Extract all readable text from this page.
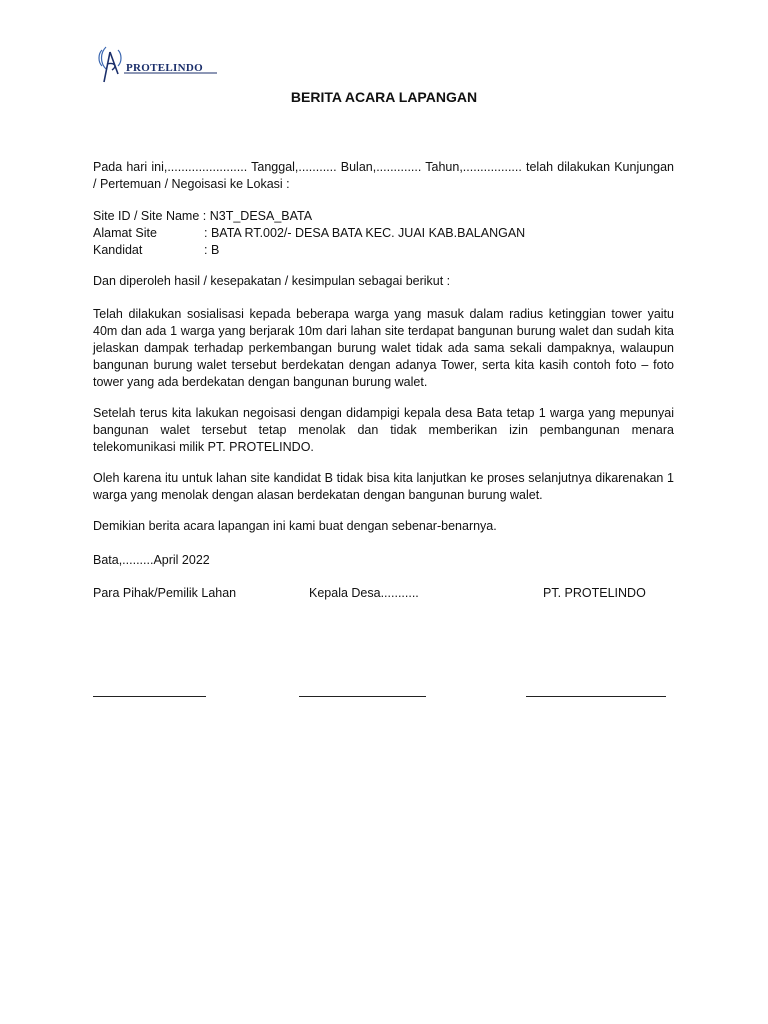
PROTELINDO
BERITA ACARA LAPANGAN
Pada hari ini,....................... Tanggal,........... Bulan,............. Tahun,................. telah dilakukan Kunjungan / Pertemuan / Negoisasi ke Lokasi :
Site ID / Site Name : N3T_DESA_BATA
Alamat Site	: BATA RT.002/- DESA BATA KEC. JUAI KAB.BALANGAN
Kandidat	: B
Dan diperoleh hasil / kesepakatan / kesimpulan sebagai berikut :
Telah dilakukan sosialisasi kepada beberapa warga yang masuk dalam radius ketinggian tower yaitu 40m dan ada 1 warga yang berjarak 10m dari lahan site terdapat bangunan burung walet dan sudah kita jelaskan dampak terhadap perkembangan burung walet tidak ada sama sekali dampaknya, walaupun bangunan burung walet tersebut berdekatan dengan adanya Tower, serta kita kasih contoh foto – foto tower yang ada berdekatan dengan bangunan burung walet.
Setelah terus kita lakukan negoisasi dengan didampigi kepala desa Bata tetap 1 warga yang mepunyai bangunan walet tersebut tetap menolak dan tidak memberikan izin pembangunan menara telekomunikasi milik PT. PROTELINDO.
Oleh karena itu untuk lahan site kandidat B tidak bisa kita lanjutkan ke proses selanjutnya dikarenakan 1 warga yang menolak dengan alasan berdekatan dengan bangunan burung walet.
Demikian berita acara lapangan ini kami buat dengan sebenar-benarnya.
Bata,.........April 2022
Para Pihak/Pemilik Lahan	Kepala Desa...........	PT. PROTELINDO
